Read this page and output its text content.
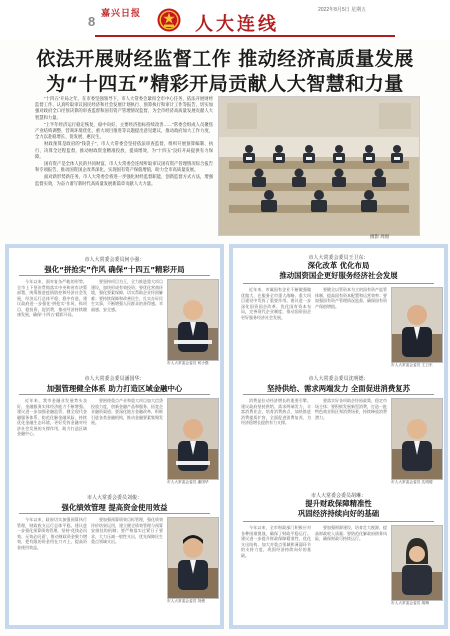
8 嘉兴日报	人大连线
2022年8月5日 星期五
依法开展财经监督工作 推动经济高质量发展
为“十四五”精彩开局贡献人大智慧和力量

“十四五”开局之年，在市委坚强领导下，市人大常委会紧扣全市中心任务，依法开展财经监督工作，认真听取审议国民经济和社会发展计划执行、预算执行和审计工作等报告，切实加强对政府全口径预决算的审查监督和国有资产管理情况监督，为全市经济高质量发展贡献人大智慧和力量。

“上半年经济运行稳定恢复、稳中向好，主要经济指标持续改善……”常委会组成人员聚焦产业结构调整、营商环境优化、重大项目推进等议题提出意见建议，推动政府加大工作力度，全力以赴稳增长、促发展、惠民生。

财政预算是政府的“钱袋子”，市人大常委会坚持依法审查监督，组织开展预算编制、执行、决算全过程监督，推动财政资金精准投放、提质增效，为“十四五”良好开局提供有力保障。

国有资产是全体人民的共同财富。市人大常委会连续听取审议国有资产管理情况综合报告和专项报告，推动国资国企改革深化，实现国有资产保值增值，助力全市高质量发展。

面对新形势新任务，市人大常委会将进一步强化财经监督职能，创新监督方式方法，增强监督实效，为奋力谱写新时代高质量发展新篇章贡献人大力量。

摄影 周围
市人大常委会委员何小强：
强化“拼抢实”作风 确保“十四五”精彩开局
今年以来，面对复杂严峻的形势，全市上下坚决贯彻落实中央和省市决策部署，统筹推进疫情防控和经济社会发展，经济运行总体平稳、稳中有进。建议政府进一步强化“拼抢实”作风，抓项目、稳投资、促消费，推动经济持续健康发展，确保“十四五”精彩开局。
要坚持项目为王，全力推进重大项目建设，加快形成有效投资；要优化营商环境，强化要素保障，切实帮助企业纾困解难；要持续保障和改善民生，扎实办好民生实事，不断增强人民群众的获得感、幸福感、安全感。
市人大常委会委员 何小强
市人大常委会委员潘国华：
加强管理健全体系 助力打造区域金融中心
近年来，我市金融业发展势头良好，金融服务实体经济能力不断增强。建议进一步加强金融监管，健全现代金融服务体系，防范化解金融风险，持续优化金融生态环境，更好发挥金融对经济社会发展的支撑作用，助力打造区域金融中心。
要围绕重点产业和重大项目加大信贷投放力度，创新金融产品和服务，拓宽企业融资渠道；要深化地方金融改革，积极引进各类金融机构，推动金融要素集聚发展。
市人大常委会委员 潘国华
市人大常委会委员刘俊：
强化绩效管理 提高资金使用效益
今年以来，政府切实加强预算执行管理，财政收支运行总体平稳。建议进一步强化预算绩效管理，坚持“花钱必问效、无效必问责”，推动财政资金聚力增效，把有限的资金用在刀刃上，提高资金使用效益。
要加强预算绩效目标管理，强化绩效评价结果运用，建立健全绩效管理与预算安排挂钩机制；要严格落实过紧日子要求，大力压减一般性支出，优先保障民生重点领域支出。
市人大常委会委员 刘俊
市人大常委会委员王卫东：
深化改革 优化布局
推动国资国企更好服务经济社会发展
近年来，市属国有企业不断做强做优做大，在服务全市重大战略、重大项目建设中发挥了重要作用。建议进一步深化国资国企改革，优化国有资本布局，完善现代企业制度，推动国资国企更好服务经济社会发展。
要健全以管资本为主的国有资产监管体制，提高国有资本配置和运营效率；要加强国有资产管理情况监督，确保国有资产保值增值。
市人大常委会委员 王卫东
市人大常委会委员沈明德：
坚持供给、需求两端发力 全面促进消费复苏
消费是拉动经济增长的重要引擎。建议政府坚持供给、需求两端发力，丰富消费业态，培育消费热点，加快推进消费提质扩容，全面促进消费复苏，为经济稳增长提供有力支撑。
要落实好各项助企纾困政策，稳定市场主体；要积极发展新型消费，打造一批特色商业街区和消费场景，持续释放消费潜力。
市人大常委会委员 沈明德
市人大常委会委员胡琳：
提升财政保障精准性
巩固经济持续向好的基础
今年以来，全市财政部门积极应对各种困难挑战，确保了财政平稳运行。建议进一步提升财政保障精准性，优化支出结构，加大对重点领域和薄弱环节的支持力度，巩固经济持续向好的基础。
要加强财源建设，培育壮大税源，提高财政收入质量；要防范化解政府债务风险，确保财政可持续运行。
市人大常委会委员 胡琳
